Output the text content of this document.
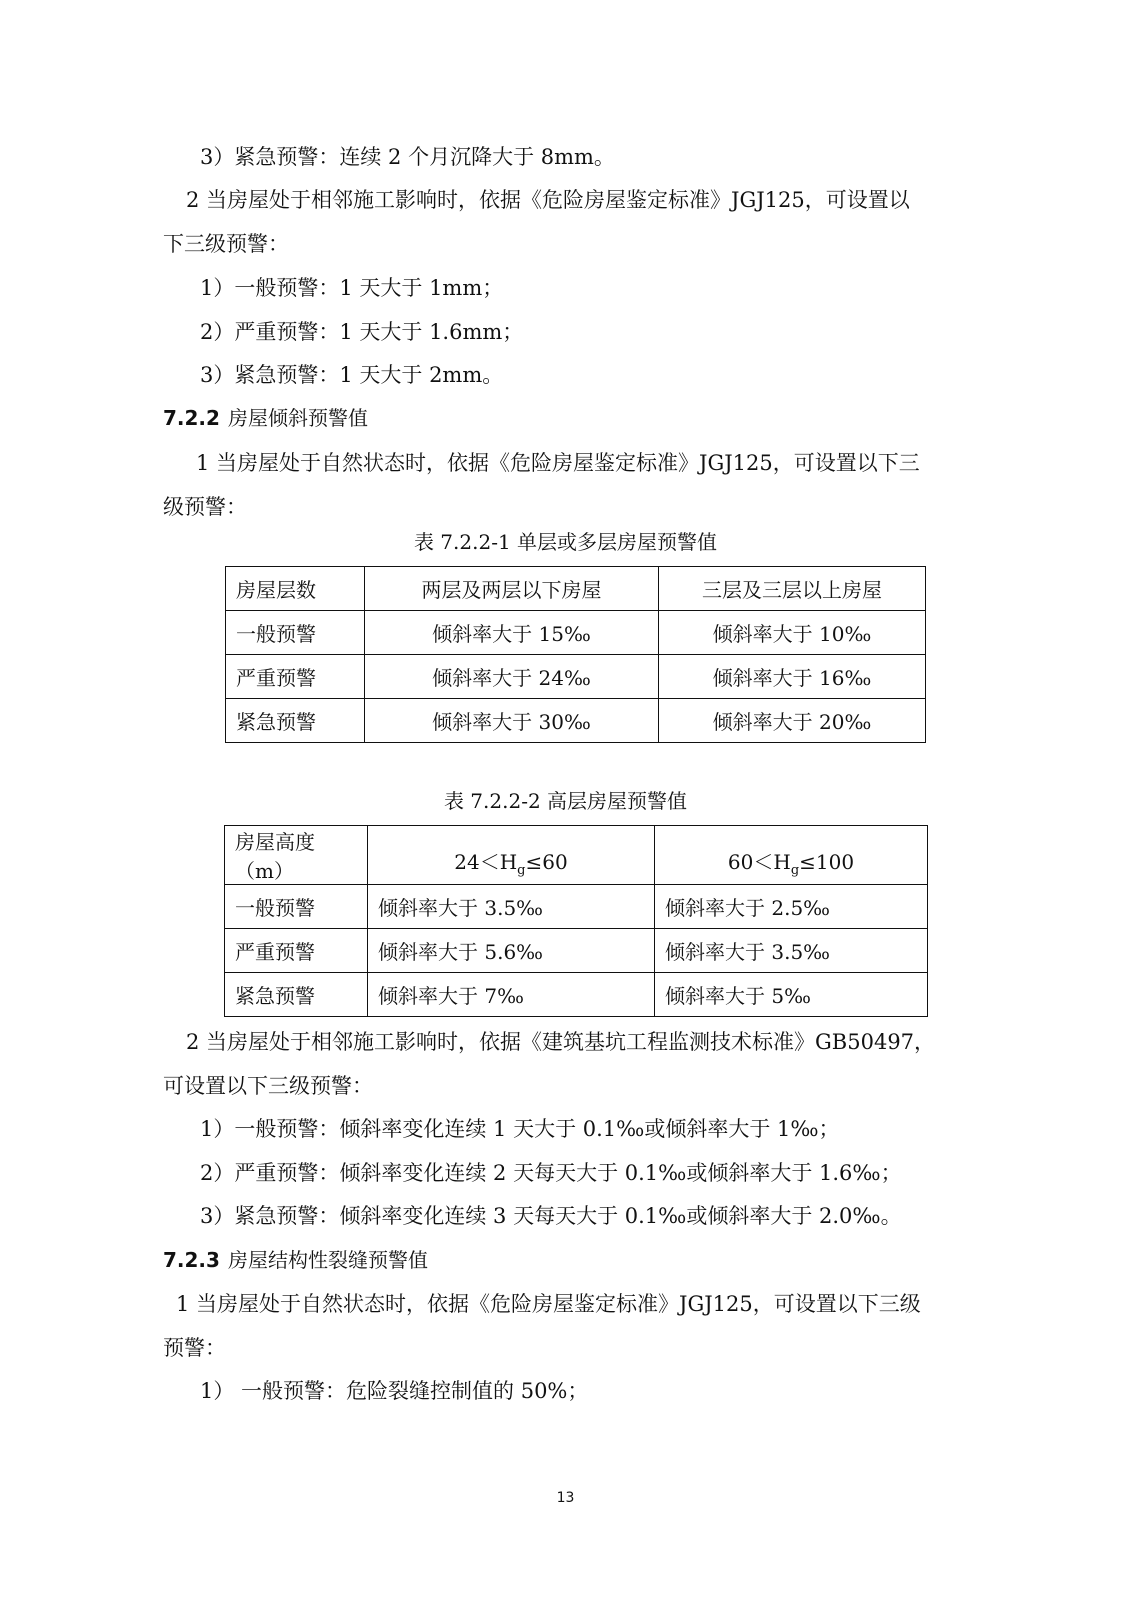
3）紧急预警：连续 2 个月沉降大于 8mm。
2 当房屋处于相邻施工影响时，依据《危险房屋鉴定标准》JGJ125，可设置以
下三级预警：
1）一般预警：1 天大于 1mm；
2）严重预警：1 天大于 1.6mm；
3）紧急预警：1 天大于 2mm。
7.2.2 房屋倾斜预警值
1 当房屋处于自然状态时，依据《危险房屋鉴定标准》JGJ125，可设置以下三
级预警：
表 7.2.2-1 单层或多层房屋预警值
房屋层数	两层及两层以下房屋	三层及三层以上房屋
一般预警	倾斜率大于 15‰	倾斜率大于 10‰
严重预警	倾斜率大于 24‰	倾斜率大于 16‰
紧急预警	倾斜率大于 30‰	倾斜率大于 20‰
表 7.2.2-2 高层房屋预警值
房屋高度（m）	$24<H_g\le 60$	$60<H_g\le 100$
一般预警	倾斜率大于 3.5‰	倾斜率大于 2.5‰
严重预警	倾斜率大于 5.6‰	倾斜率大于 3.5‰
紧急预警	倾斜率大于 7‰	倾斜率大于 5‰
2 当房屋处于相邻施工影响时，依据《建筑基坑工程监测技术标准》GB50497，
可设置以下三级预警：
1）一般预警：倾斜率变化连续 1 天大于 0.1‰或倾斜率大于 1‰；
2）严重预警：倾斜率变化连续 2 天每天大于 0.1‰或倾斜率大于 1.6‰；
3）紧急预警：倾斜率变化连续 3 天每天大于 0.1‰或倾斜率大于 2.0‰。
7.2.3 房屋结构性裂缝预警值
1 当房屋处于自然状态时，依据《危险房屋鉴定标准》JGJ125，可设置以下三级
预警：
1） 一般预警：危险裂缝控制值的 50%；
13
